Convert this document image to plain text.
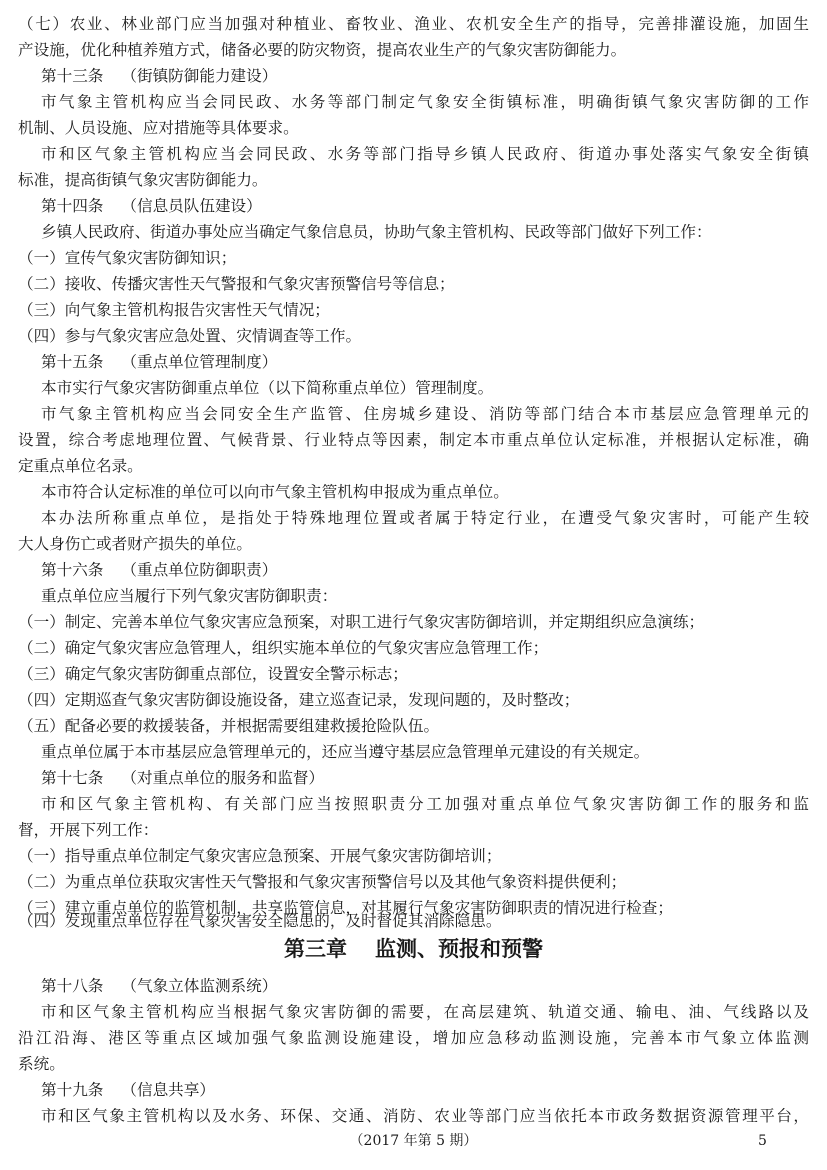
（七）农业、林业部门应当加强对种植业、畜牧业、渔业、农机安全生产的指导，完善排灌设施，加固生
产设施，优化种植养殖方式，储备必要的防灾物资，提高农业生产的气象灾害防御能力。
第十三条 （街镇防御能力建设）
市气象主管机构应当会同民政、水务等部门制定气象安全街镇标准，明确街镇气象灾害防御的工作
机制、人员设施、应对措施等具体要求。
市和区气象主管机构应当会同民政、水务等部门指导乡镇人民政府、街道办事处落实气象安全街镇
标准，提高街镇气象灾害防御能力。
第十四条 （信息员队伍建设）
乡镇人民政府、街道办事处应当确定气象信息员，协助气象主管机构、民政等部门做好下列工作：
（一）宣传气象灾害防御知识；
（二）接收、传播灾害性天气警报和气象灾害预警信号等信息；
（三）向气象主管机构报告灾害性天气情况；
（四）参与气象灾害应急处置、灾情调查等工作。
第十五条 （重点单位管理制度）
本市实行气象灾害防御重点单位（以下简称重点单位）管理制度。
市气象主管机构应当会同安全生产监管、住房城乡建设、消防等部门结合本市基层应急管理单元的
设置，综合考虑地理位置、气候背景、行业特点等因素，制定本市重点单位认定标准，并根据认定标准，确
定重点单位名录。
本市符合认定标准的单位可以向市气象主管机构申报成为重点单位。
本办法所称重点单位，是指处于特殊地理位置或者属于特定行业，在遭受气象灾害时，可能产生较
大人身伤亡或者财产损失的单位。
第十六条 （重点单位防御职责）
重点单位应当履行下列气象灾害防御职责：
（一）制定、完善本单位气象灾害应急预案，对职工进行气象灾害防御培训，并定期组织应急演练；
（二）确定气象灾害应急管理人，组织实施本单位的气象灾害应急管理工作；
（三）确定气象灾害防御重点部位，设置安全警示标志；
（四）定期巡查气象灾害防御设施设备，建立巡查记录，发现问题的，及时整改；
（五）配备必要的救援装备，并根据需要组建救援抢险队伍。
重点单位属于本市基层应急管理单元的，还应当遵守基层应急管理单元建设的有关规定。
第十七条 （对重点单位的服务和监督）
市和区气象主管机构、有关部门应当按照职责分工加强对重点单位气象灾害防御工作的服务和监
督，开展下列工作：
（一）指导重点单位制定气象灾害应急预案、开展气象灾害防御培训；
（二）为重点单位获取灾害性天气警报和气象灾害预警信号以及其他气象资料提供便利；
（三）建立重点单位的监管机制，共享监管信息，对其履行气象灾害防御职责的情况进行检查；
（四）发现重点单位存在气象灾害安全隐患的，及时督促其消除隐患。
第三章 监测、预报和预警
第十八条 （气象立体监测系统）
市和区气象主管机构应当根据气象灾害防御的需要，在高层建筑、轨道交通、输电、油、气线路以及
沿江沿海、港区等重点区域加强气象监测设施建设，增加应急移动监测设施，完善本市气象立体监测
系统。
第十九条 （信息共享）
市和区气象主管机构以及水务、环保、交通、消防、农业等部门应当依托本市政务数据资源管理平台，
（2017 年第 5 期）	5
